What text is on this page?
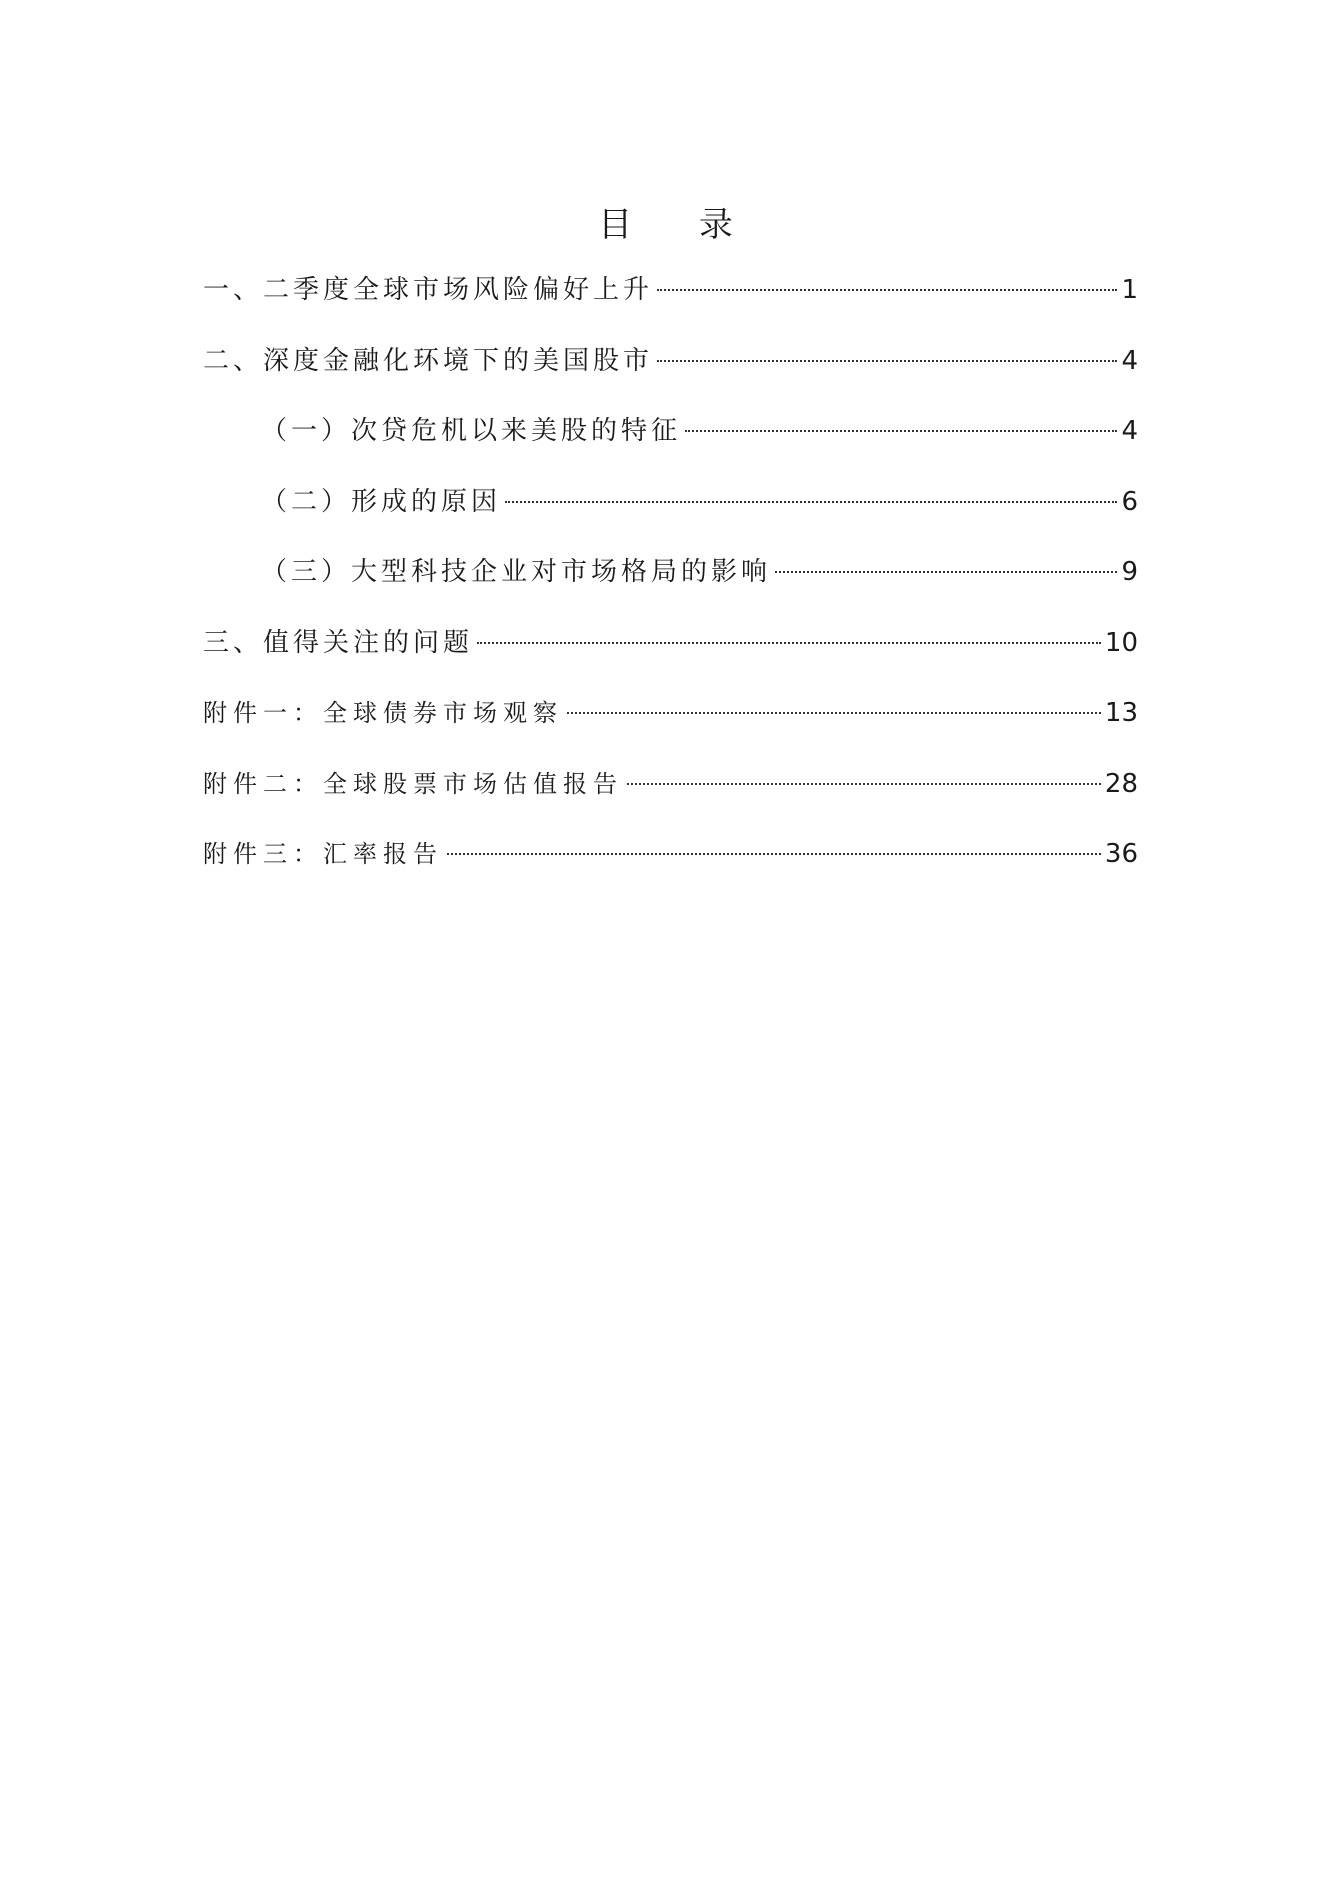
目 录
一、二季度全球市场风险偏好上升	1
二、深度金融化环境下的美国股市	4
（一）次贷危机以来美股的特征	4
（二）形成的原因	6
（三）大型科技企业对市场格局的影响	9
三、值得关注的问题	10
附件一：全球债券市场观察	13
附件二：全球股票市场估值报告	28
附件三：汇率报告	36
